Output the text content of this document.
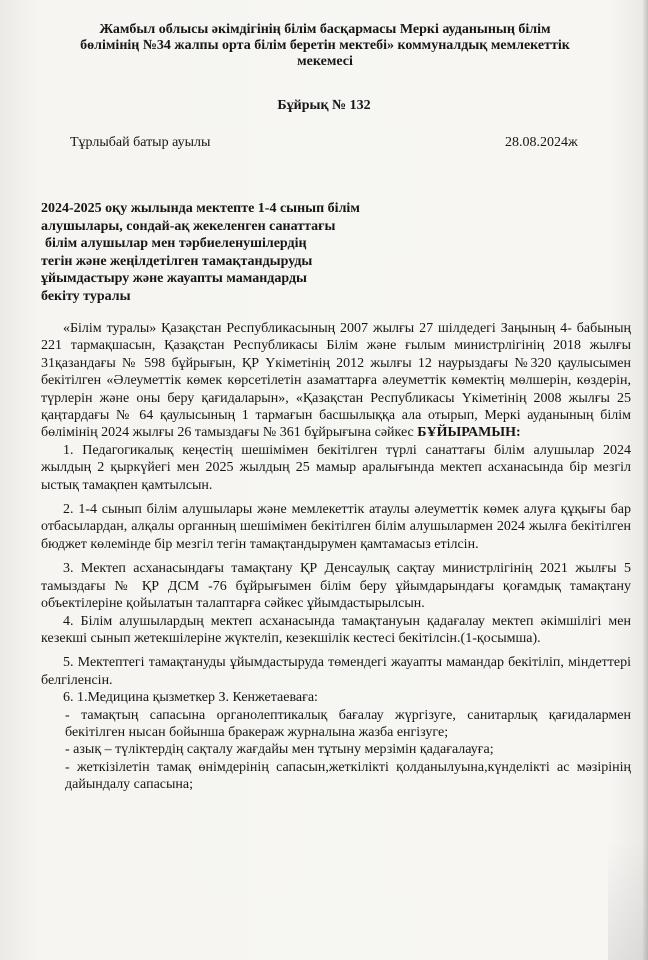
Жамбыл облысы әкімдігінің білім басқармасы Меркі ауданының білім
бөлімінің №34 жалпы орта білім беретін мектебі» коммуналдық мемлекеттік
мекемесі
Бұйрық № 132
Тұрлыбай батыр ауылы	28.08.2024ж
2024-2025 оқу жылында мектепте 1-4 сынып білім
алушылары, сондай-ақ жекеленген санаттағы
білім алушылар мен тәрбиеленушілердің
тегін және жеңілдетілген тамақтандыруды
ұйымдастыру және жауапты мамандарды
бекіту туралы

«Білім туралы» Қазақстан Республикасының 2007 жылғы 27 шілдедегі Заңының 4- бабының 221 тармақшасын, Қазақстан Республикасы Білім және ғылым министрлігінің 2018 жылғы 31қазандағы № 598 бұйрығын, ҚР Үкіметінің 2012 жылғы 12 наурыздағы №320 қаулысымен бекітілген «Әлеуметтік көмек көрсетілетін азаматтарға әлеуметтік көмектің мөлшерін, көздерін, түрлерін және оны беру қағидаларын», «Қазақстан Республикасы Үкіметінің 2008 жылғы 25 қаңтардағы № 64 қаулысының 1 тармағын басшылыққа ала отырып, Меркі ауданының білім бөлімінің 2024 жылғы 26 тамыздағы № 361 бұйрығына сәйкес БҰЙЫРАМЫН:

1. Педагогикалық кеңестің шешімімен бекітілген түрлі санаттағы білім алушылар 2024 жылдың 2 қыркүйегі мен 2025 жылдың 25 мамыр аралығында мектеп асханасында бір мезгіл ыстық тамақпен қамтылсын.

2. 1-4 сынып білім алушылары және мемлекеттік атаулы әлеуметтік көмек алуға құқығы бар отбасылардан, алқалы органның шешімімен бекітілген білім алушылармен 2024 жылға бекітілген бюджет көлемінде бір мезгіл тегін тамақтандырумен қамтамасыз етілсін.

3. Мектеп асханасындағы тамақтану ҚР Денсаулық сақтау министрлігінің 2021 жылғы 5 тамыздағы № ҚР ДСМ -76 бұйрығымен білім беру ұйымдарындағы қоғамдық тамақтану объектілеріне қойылатын талаптарға сәйкес ұйымдастырылсын.

4. Білім алушылардың мектеп асханасында тамақтануын қадағалау мектеп әкімшілігі мен кезекші сынып жетекшілеріне жүктеліп, кезекшілік кестесі бекітілсін.(1-қосымша).

5. Мектептегі тамақтануды ұйымдастыруда төмендегі жауапты мамандар бекітіліп, міндеттері белгіленсін.

6. 1.Медицина қызметкер З. Кенжетаеваға:

- тамақтың сапасына органолептикалық бағалау жүргізуге, санитарлық қағидалармен бекітілген нысан бойынша бракераж журналына жазба енгізуге;

- азық – түліктердің сақталу жағдайы мен тұтыну мерзімін қадағалауға;

- жеткізілетін тамақ өнімдерінің сапасын,жеткілікті қолданылуына,күнделікті ас мәзірінің дайындалу сапасына;
